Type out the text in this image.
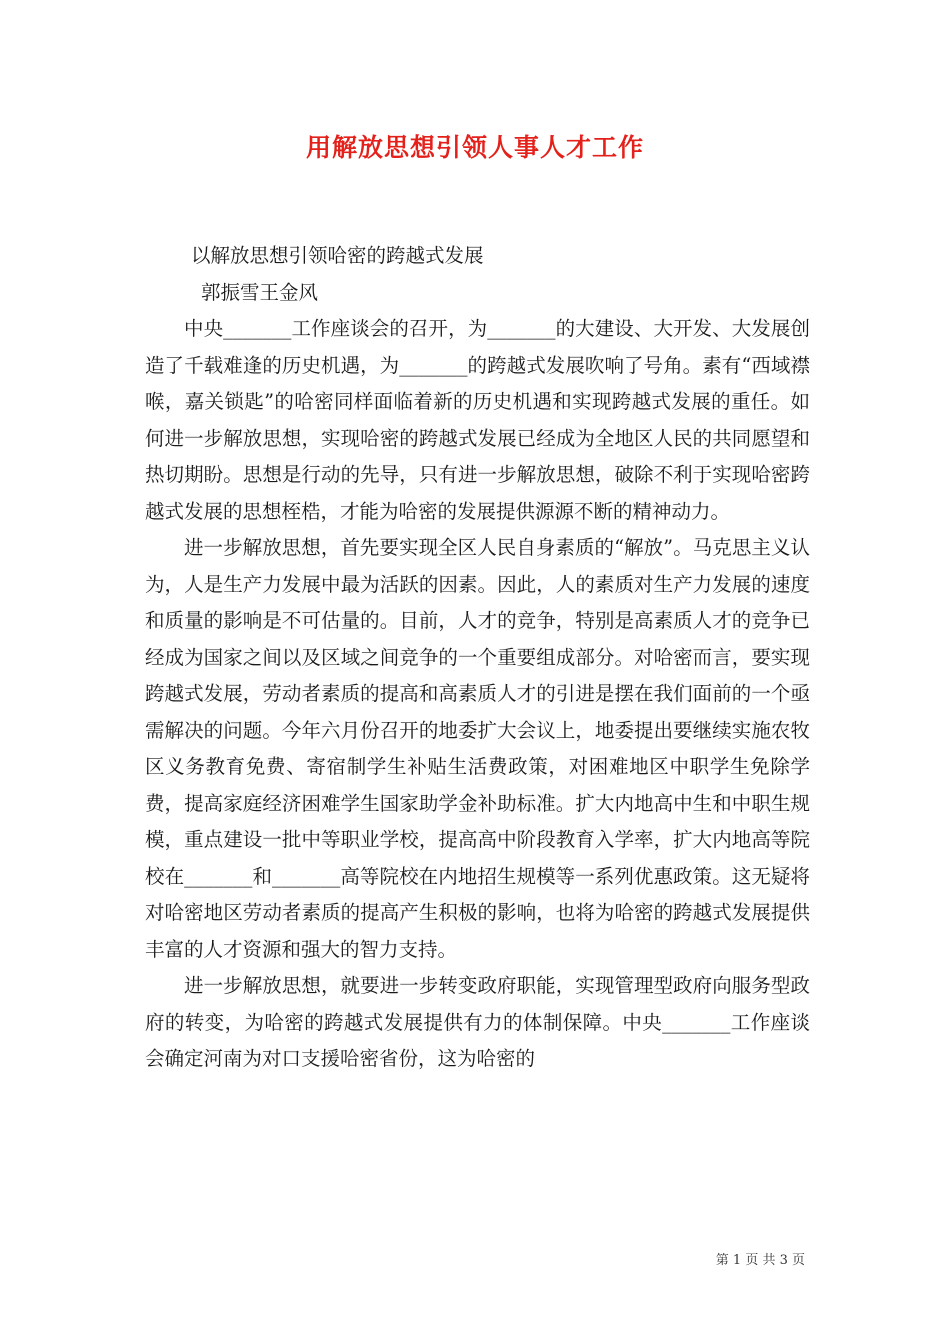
用解放思想引领人事人才工作

以解放思想引领哈密的跨越式发展

郭振雪王金风

中央_______工作座谈会的召开，为_______的大建设、大开发、大发展创造了千载难逢的历史机遇，为_______的跨越式发展吹响了号角。素有“西域襟喉，嘉关锁匙”的哈密同样面临着新的历史机遇和实现跨越式发展的重任。如何进一步解放思想，实现哈密的跨越式发展已经成为全地区人民的共同愿望和热切期盼。思想是行动的先导，只有进一步解放思想，破除不利于实现哈密跨越式发展的思想桎梏，才能为哈密的发展提供源源不断的精神动力。

进一步解放思想，首先要实现全区人民自身素质的“解放”。马克思主义认为，人是生产力发展中最为活跃的因素。因此，人的素质对生产力发展的速度和质量的影响是不可估量的。目前，人才的竞争，特别是高素质人才的竞争已经成为国家之间以及区域之间竞争的一个重要组成部分。对哈密而言，要实现跨越式发展，劳动者素质的提高和高素质人才的引进是摆在我们面前的一个亟需解决的问题。今年六月份召开的地委扩大会议上，地委提出要继续实施农牧区义务教育免费、寄宿制学生补贴生活费政策，对困难地区中职学生免除学费，提高家庭经济困难学生国家助学金补助标准。扩大内地高中生和中职生规模，重点建设一批中等职业学校，提高高中阶段教育入学率，扩大内地高等院校在_______和_______高等院校在内地招生规模等一系列优惠政策。这无疑将对哈密地区劳动者素质的提高产生积极的影响，也将为哈密的跨越式发展提供丰富的人才资源和强大的智力支持。

进一步解放思想，就要进一步转变政府职能，实现管理型政府向服务型政府的转变，为哈密的跨越式发展提供有力的体制保障。中央_______工作座谈会确定河南为对口支援哈密省份，这为哈密的

第 1 页 共 3 页
